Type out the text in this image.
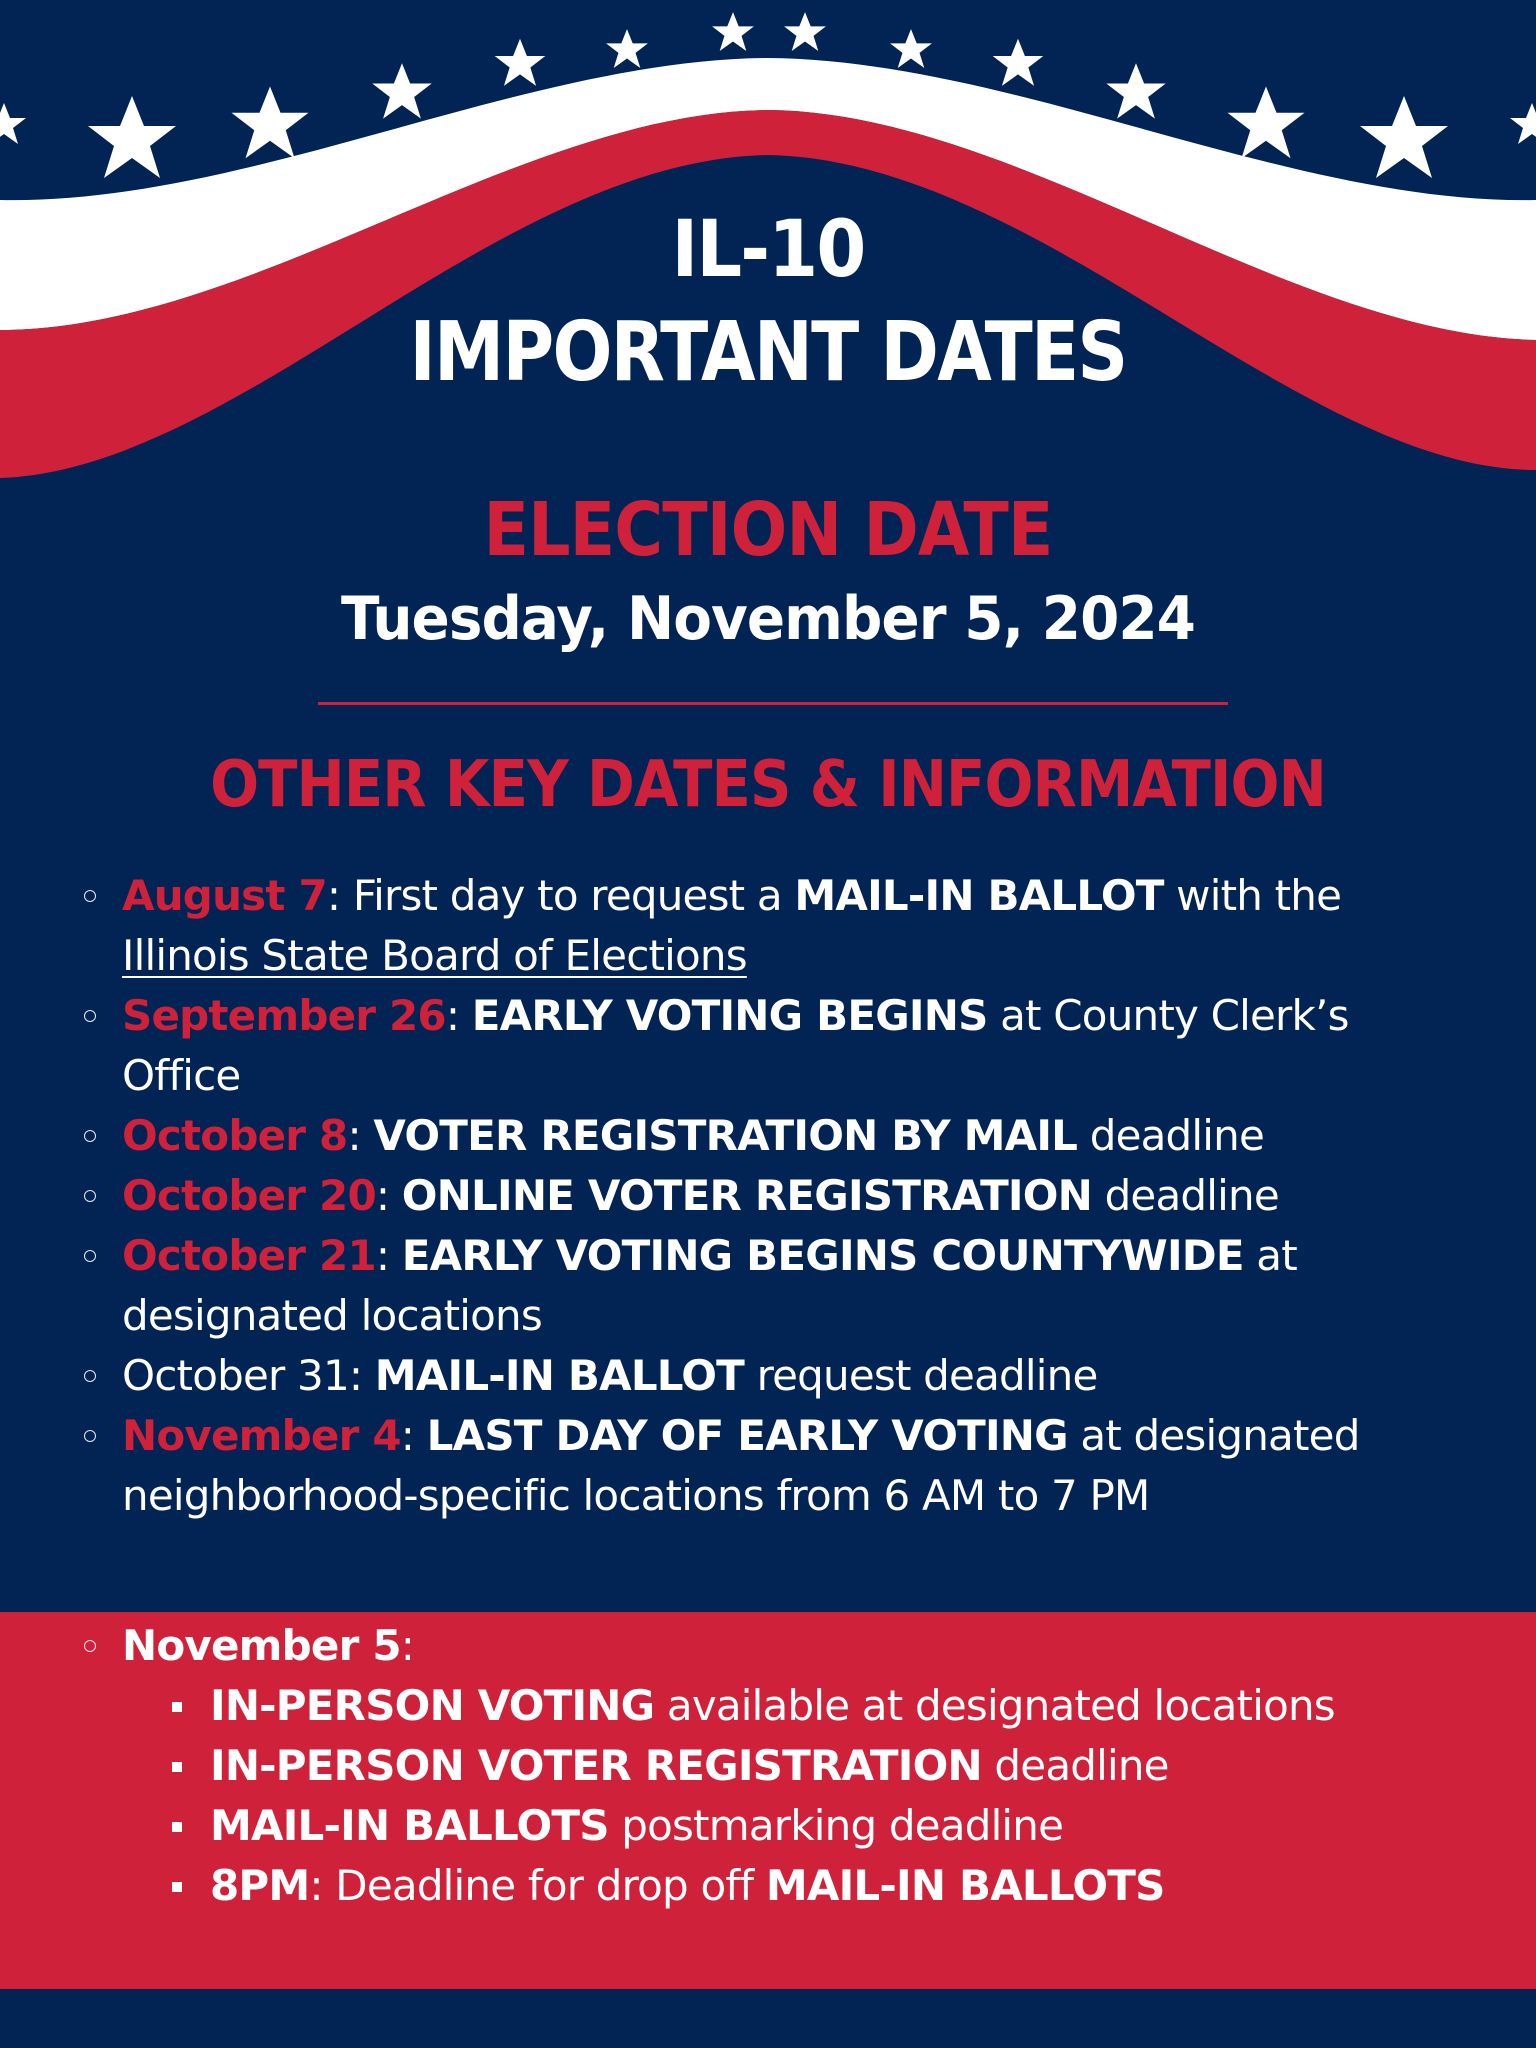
IL-10
IMPORTANT DATES
ELECTION DATE
Tuesday, November 5, 2024
OTHER KEY DATES & INFORMATION
August 7: First day to request a MAIL-IN BALLOT with the Illinois State Board of Elections
September 26: EARLY VOTING BEGINS at County Clerk’s Office
October 8: VOTER REGISTRATION BY MAIL deadline
October 20: ONLINE VOTER REGISTRATION deadline
October 21: EARLY VOTING BEGINS COUNTYWIDE at designated locations
October 31: MAIL-IN BALLOT request deadline
November 4: LAST DAY OF EARLY VOTING at designated neighborhood-specific locations from 6 AM to 7 PM
November 5:
IN-PERSON VOTING available at designated locations
IN-PERSON VOTER REGISTRATION deadline
MAIL-IN BALLOTS postmarking deadline
8PM: Deadline for drop off MAIL-IN BALLOTS
